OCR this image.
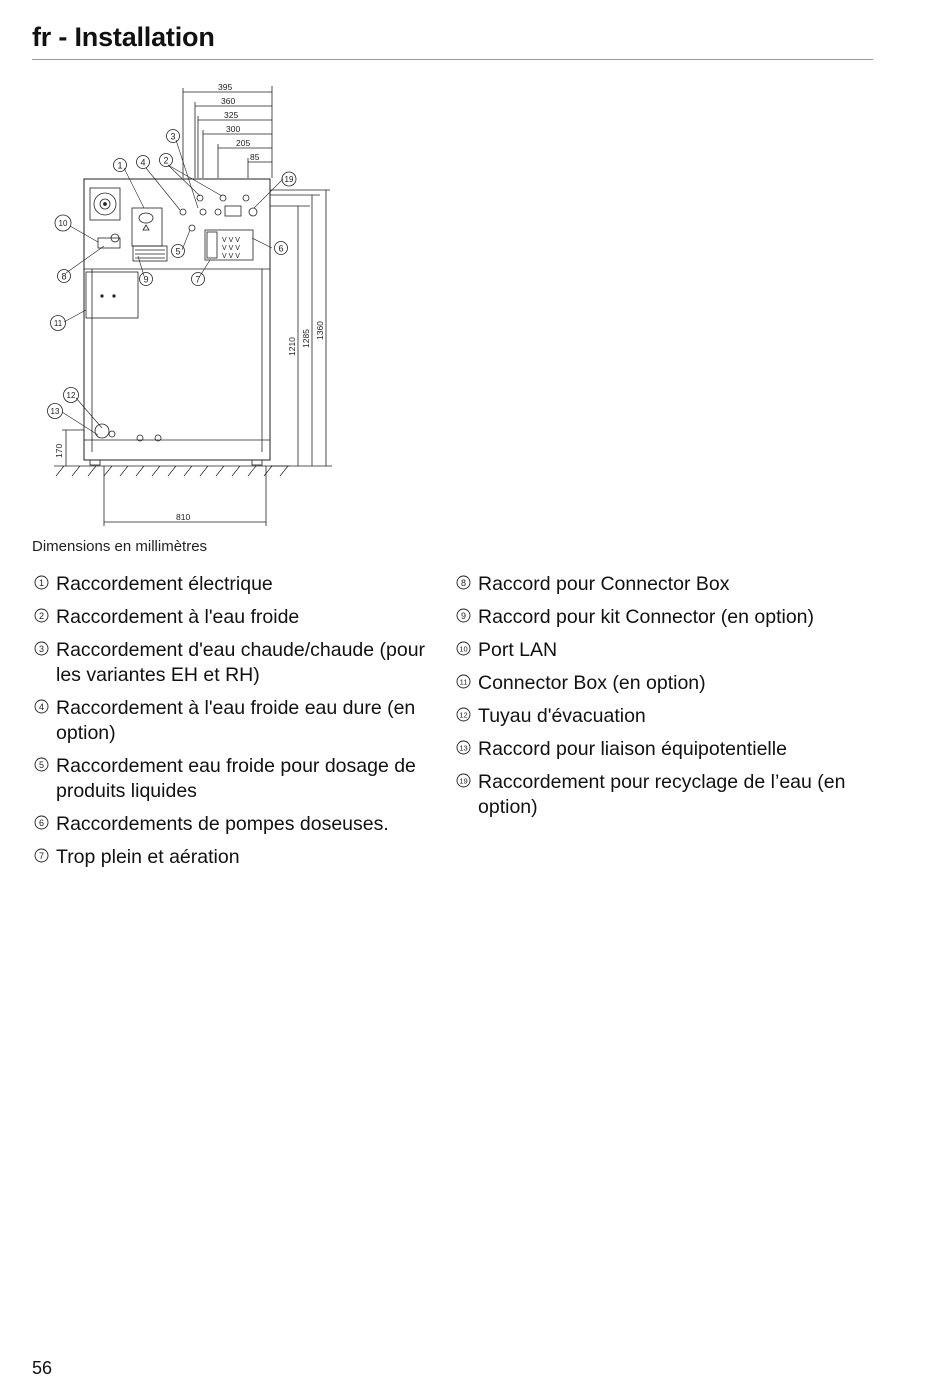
fr - Installation
395
360
325
300
205
85
V V V
V V V
V V V
1210 1285 1360
170
810
1 4
3
2
19
10
5	6
8	9	7
11
12
13
Dimensions en millimètres
1 Raccordement électrique
2 Raccordement à l'eau froide
3 Raccordement d'eau chaude/chaude (pour les variantes EH et RH)
4 Raccordement à l'eau froide eau dure (en option)
5 Raccordement eau froide pour dosage de produits liquides
6 Raccordements de pompes doseuses.
7 Trop plein et aération
8 Raccord pour Connector Box
9 Raccord pour kit Connector (en option)
10 Port LAN
11 Connector Box (en option)
12 Tuyau d'évacuation
13 Raccord pour liaison équipotentielle
19 Raccordement pour recyclage de l’eau (en option)
56
